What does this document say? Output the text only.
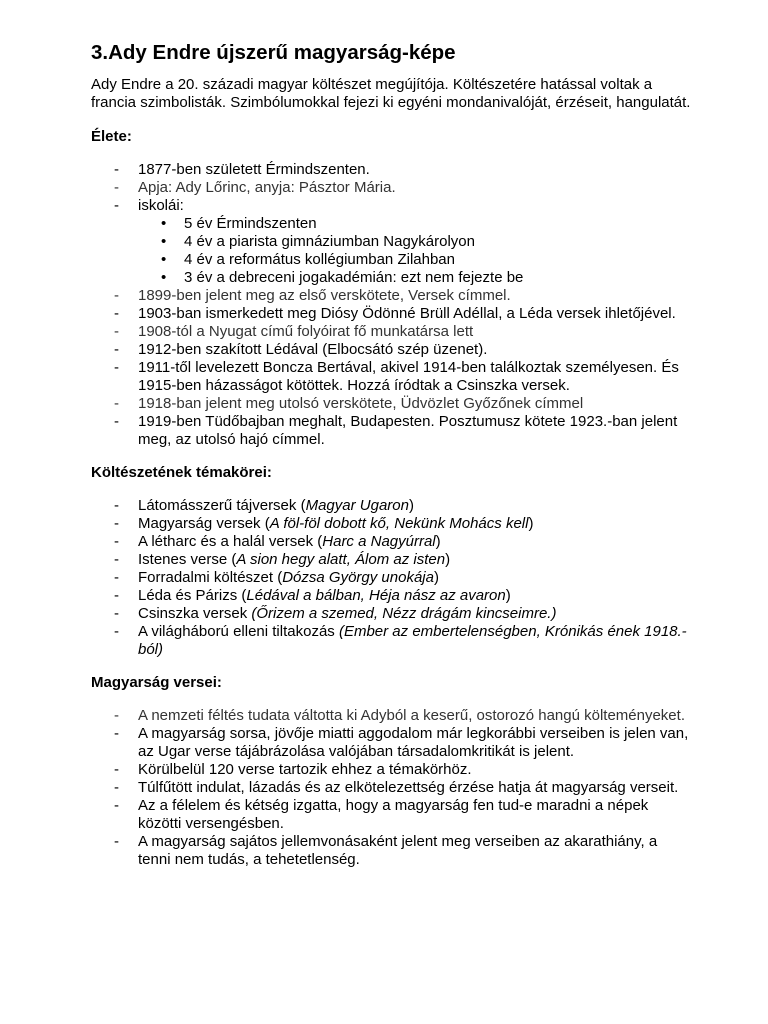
3.Ady Endre újszerű magyarság-képe

Ady Endre a 20. századi magyar költészet megújítója. Költészetére hatással voltak a francia szimbolisták. Szimbólumokkal fejezi ki egyéni mondanivalóját, érzéseit, hangulatát.

Élete:
- 1877-ben született Érmindszenten.
- Apja: Ady Lőrinc, anyja: Pásztor Mária.
- iskolái:
• 5 év Érmindszenten
• 4 év a piarista gimnáziumban Nagykárolyon
• 4 év a református kollégiumban Zilahban
• 3 év a debreceni jogakadémián: ezt nem fejezte be
- 1899-ben jelent meg az első verskötete, Versek címmel.
- 1903-ban ismerkedett meg Diósy Ödönné Brüll Adéllal, a Léda versek ihletőjével.
- 1908-tól a Nyugat című folyóirat fő munkatársa lett
- 1912-ben szakított Lédával (Elbocsátó szép üzenet).
- 1911-től levelezett Boncza Bertával, akivel 1914-ben találkoztak személyesen. És 1915-ben házasságot kötöttek. Hozzá íródtak a Csinszka versek.
- 1918-ban jelent meg utolsó verskötete, Üdvözlet Győzőnek címmel
- 1919-ben Tüdőbajban meghalt, Budapesten. Posztumusz kötete 1923.-ban jelent meg, az utolsó hajó címmel.
Költészetének témakörei:
- Látomásszerű tájversek (Magyar Ugaron)
- Magyarság versek (A föl-föl dobott kő, Nekünk Mohács kell)
- A létharc és a halál versek (Harc a Nagyúrral)
- Istenes verse (A sion hegy alatt, Álom az isten)
- Forradalmi költészet (Dózsa György unokája)
- Léda és Párizs (Lédával a bálban, Héja nász az avaron)
- Csinszka versek (Őrizem a szemed, Nézz drágám kincseimre.)
- A világháború elleni tiltakozás (Ember az embertelenségben, Krónikás ének 1918.-ból)
Magyarság versei:
- A nemzeti féltés tudata váltotta ki Adyból a keserű, ostorozó hangú költeményeket.
- A magyarság sorsa, jövője miatti aggodalom már legkorábbi verseiben is jelen van, az Ugar verse tájábrázolása valójában társadalomkritikát is jelent.
- Körülbelül 120 verse tartozik ehhez a témakörhöz.
- Túlfűtött indulat, lázadás és az elkötelezettség érzése hatja át magyarság verseit.
- Az a félelem és kétség izgatta, hogy a magyarság fen tud-e maradni a népek közötti versengésben.
- A magyarság sajátos jellemvonásaként jelent meg verseiben az akarathiány, a tenni nem tudás, a tehetetlenség.
